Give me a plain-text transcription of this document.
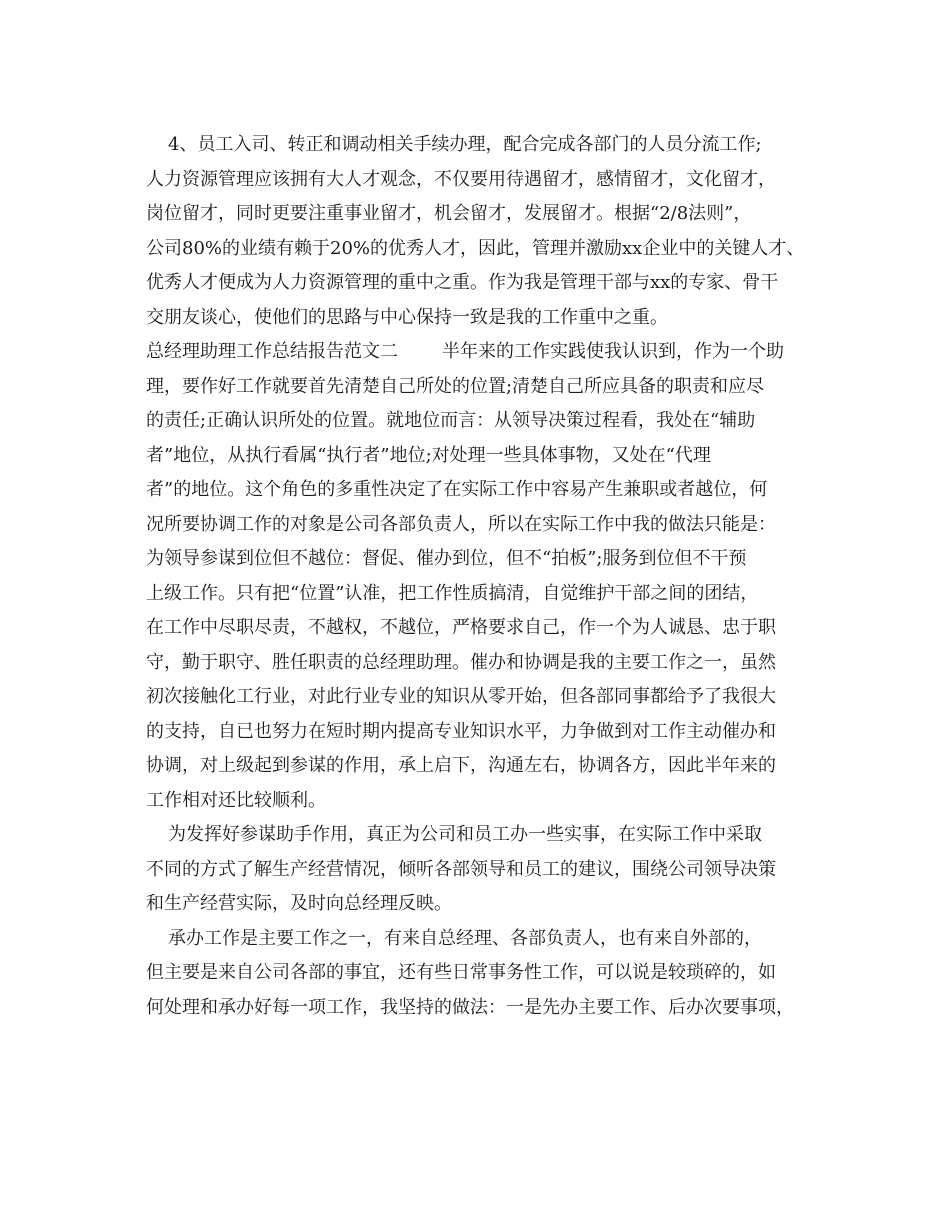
4、员工入司、转正和调动相关手续办理，配合完成各部门的人员分流工作;
人力资源管理应该拥有大人才观念，不仅要用待遇留才，感情留才，文化留才，
岗位留才，同时更要注重事业留才，机会留才，发展留才。根据“2/8法则”，
公司80%的业绩有赖于20%的优秀人才，因此，管理并激励xx企业中的关键人才、
优秀人才便成为人力资源管理的重中之重。作为我是管理干部与xx的专家、骨干
交朋友谈心，使他们的思路与中心保持一致是我的工作重中之重。
总经理助理工作总结报告范文二 半年来的工作实践使我认识到，作为一个助
理，要作好工作就要首先清楚自己所处的位置;清楚自己所应具备的职责和应尽
的责任;正确认识所处的位置。就地位而言：从领导决策过程看，我处在“辅助
者”地位，从执行看属“执行者”地位;对处理一些具体事物，又处在“代理
者”的地位。这个角色的多重性决定了在实际工作中容易产生兼职或者越位，何
况所要协调工作的对象是公司各部负责人，所以在实际工作中我的做法只能是：
为领导参谋到位但不越位：督促、催办到位，但不“拍板”;服务到位但不干预
上级工作。只有把“位置”认准，把工作性质搞清，自觉维护干部之间的团结，
在工作中尽职尽责，不越权，不越位，严格要求自己，作一个为人诚恳、忠于职
守，勤于职守、胜任职责的总经理助理。催办和协调是我的主要工作之一，虽然
初次接触化工行业，对此行业专业的知识从零开始，但各部同事都给予了我很大
的支持，自已也努力在短时期内提高专业知识水平，力争做到对工作主动催办和
协调，对上级起到参谋的作用，承上启下，沟通左右，协调各方，因此半年来的
工作相对还比较顺利。
为发挥好参谋助手作用，真正为公司和员工办一些实事，在实际工作中采取
不同的方式了解生产经营情况，倾听各部领导和员工的建议，围绕公司领导决策
和生产经营实际，及时向总经理反映。
承办工作是主要工作之一，有来自总经理、各部负责人，也有来自外部的，
但主要是来自公司各部的事宜，还有些日常事务性工作，可以说是较琐碎的，如
何处理和承办好每一项工作，我坚持的做法：一是先办主要工作、后办次要事项，
